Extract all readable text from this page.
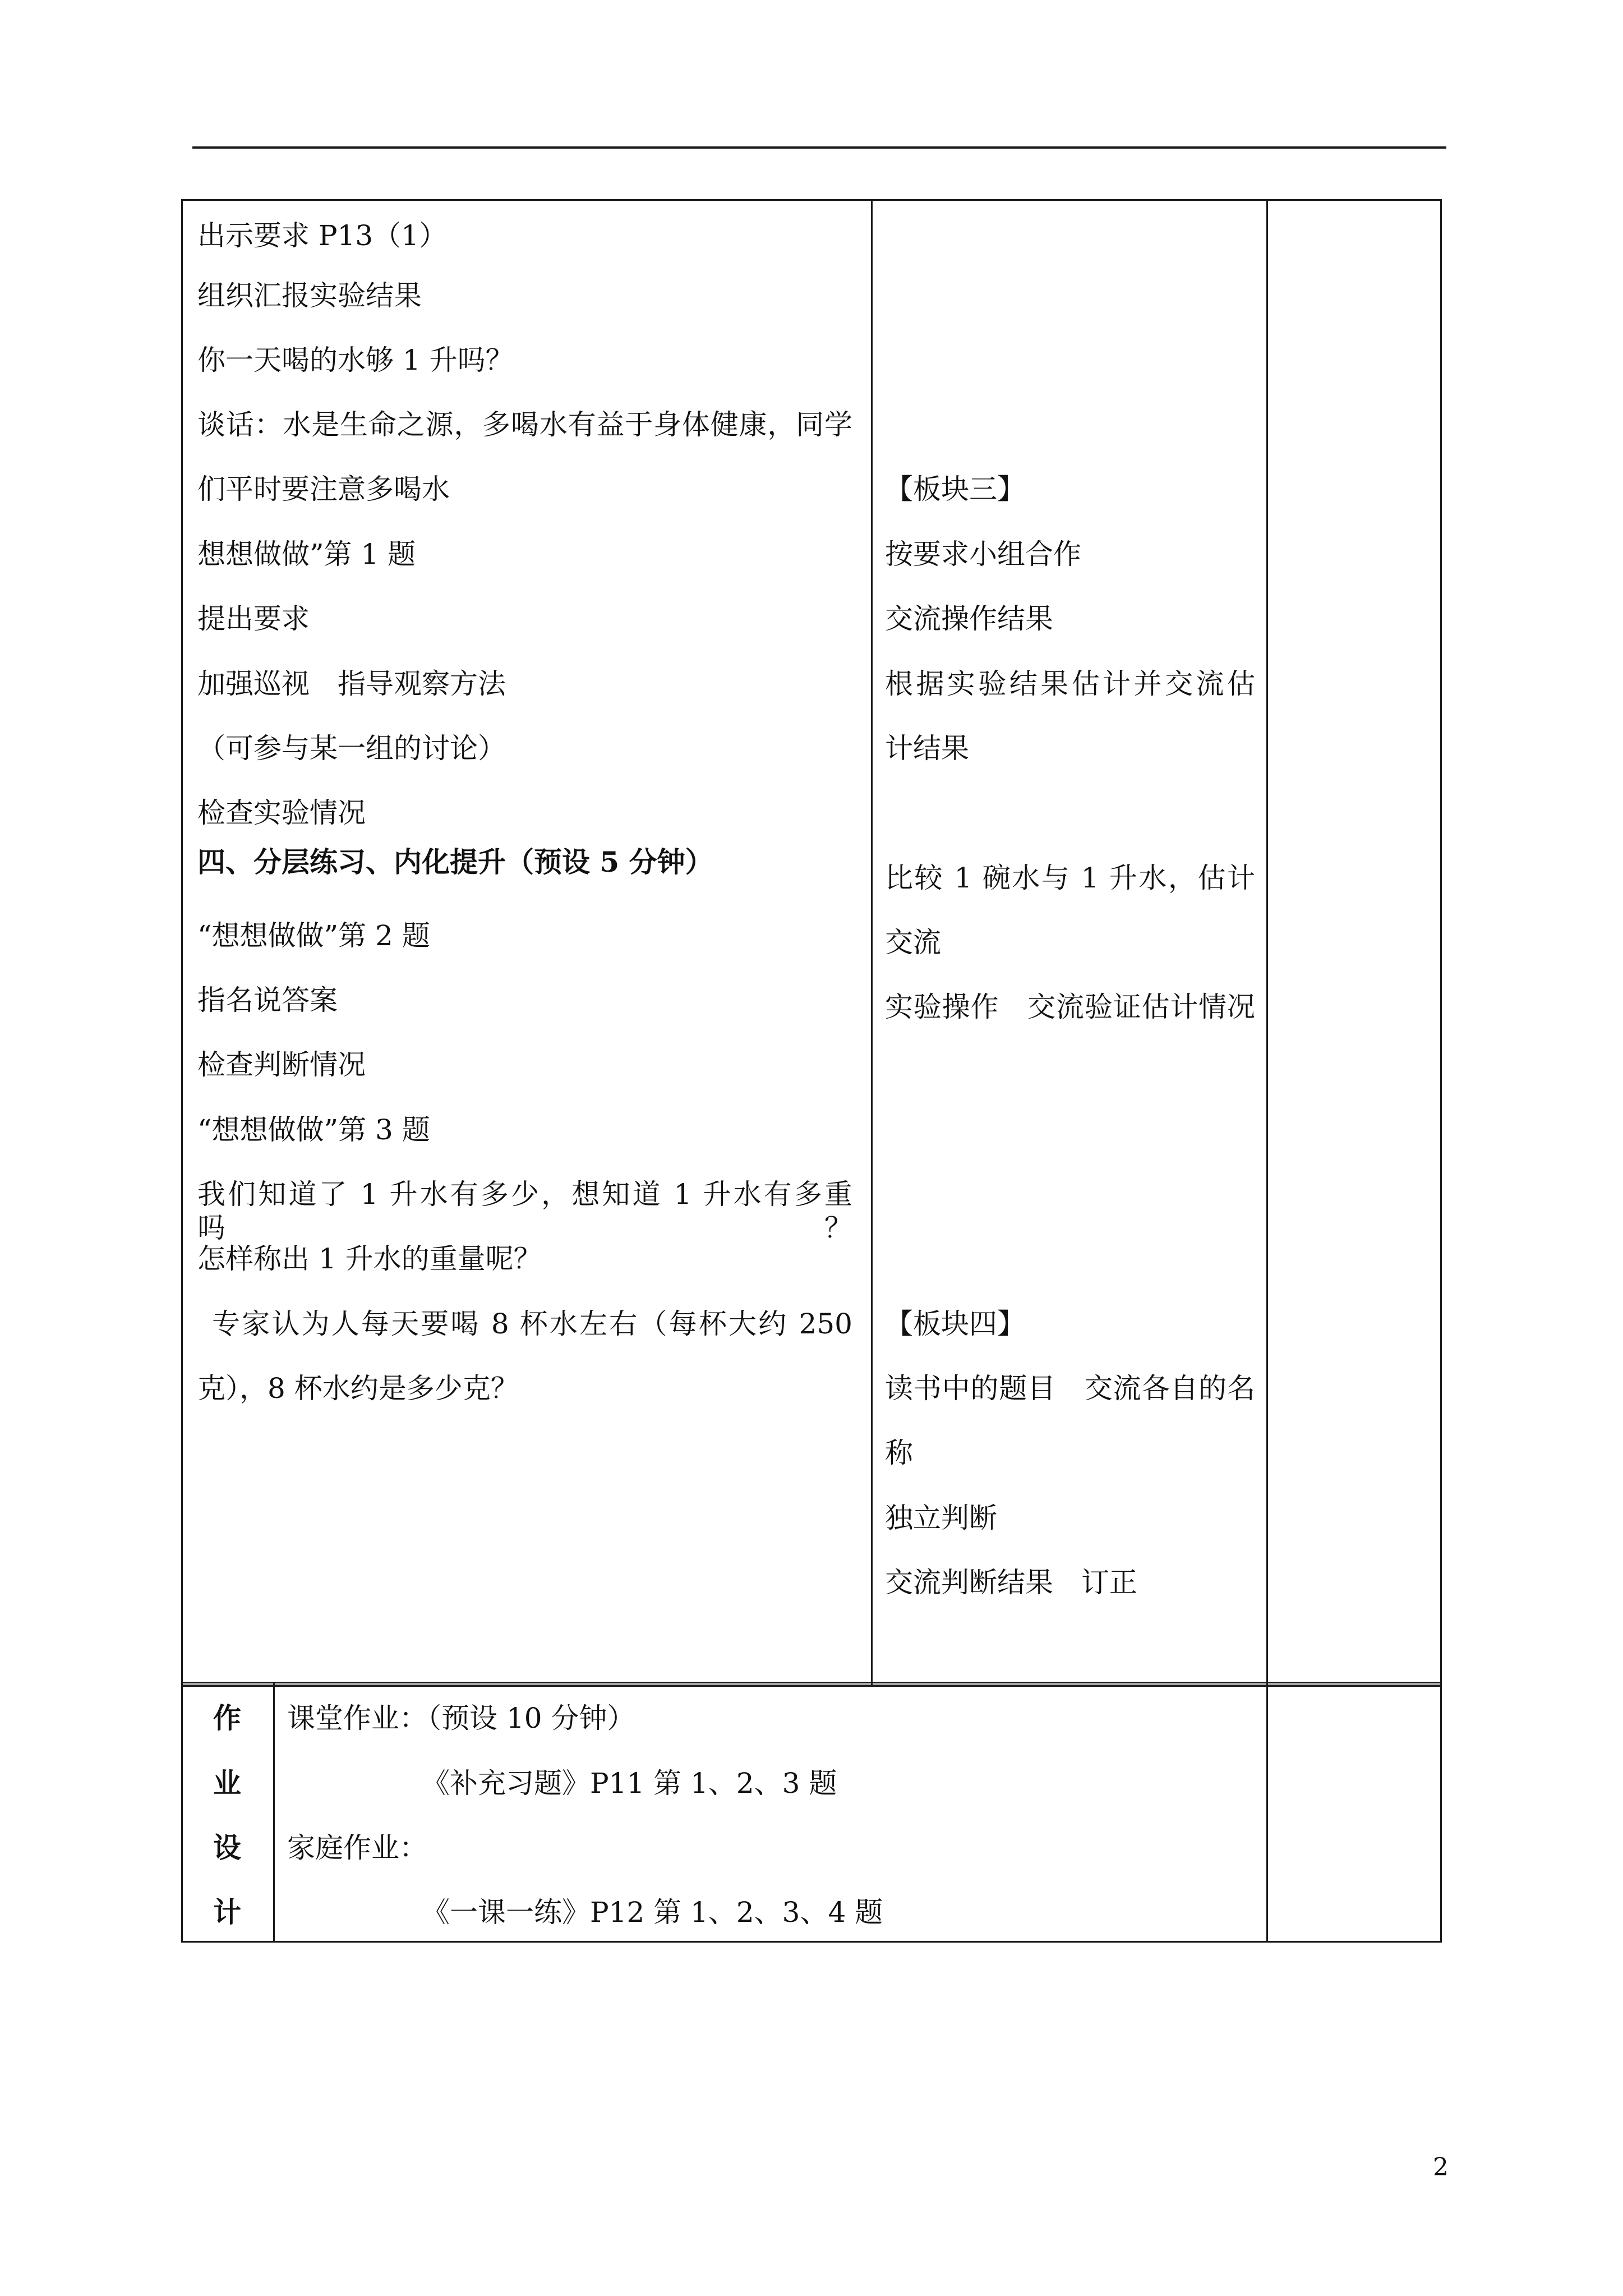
出示要求 P13（1）
组织汇报实验结果
你一天喝的水够 1 升吗？
谈话：水是生命之源，多喝水有益于身体健康，同学
们平时要注意多喝水
想想做做”第 1 题
提出要求
加强巡视　指导观察方法
（可参与某一组的讨论）
检查实验情况
四、分层练习、内化提升（预设 5 分钟）
“想想做做”第 2 题
指名说答案
检查判断情况
“想想做做”第 3 题
我们知道了 1 升水有多少，想知道 1 升水有多重吗？
怎样称出 1 升水的重量呢？
专家认为人每天要喝 8 杯水左右（每杯大约 250
克），8 杯水约是多少克？
【板块三】
按要求小组合作
交流操作结果
根据实验结果估计并交流估
计结果
比较 1 碗水与 1 升水，估计
交流
实验操作　交流验证估计情况
【板块四】
读书中的题目　交流各自的名
称
独立判断
交流判断结果　订正
作
业
设
计
课堂作业：（预设 10 分钟）
《补充习题》P11 第 1、2、3 题
家庭作业：
《一课一练》P12 第 1、2、3、4 题
2
